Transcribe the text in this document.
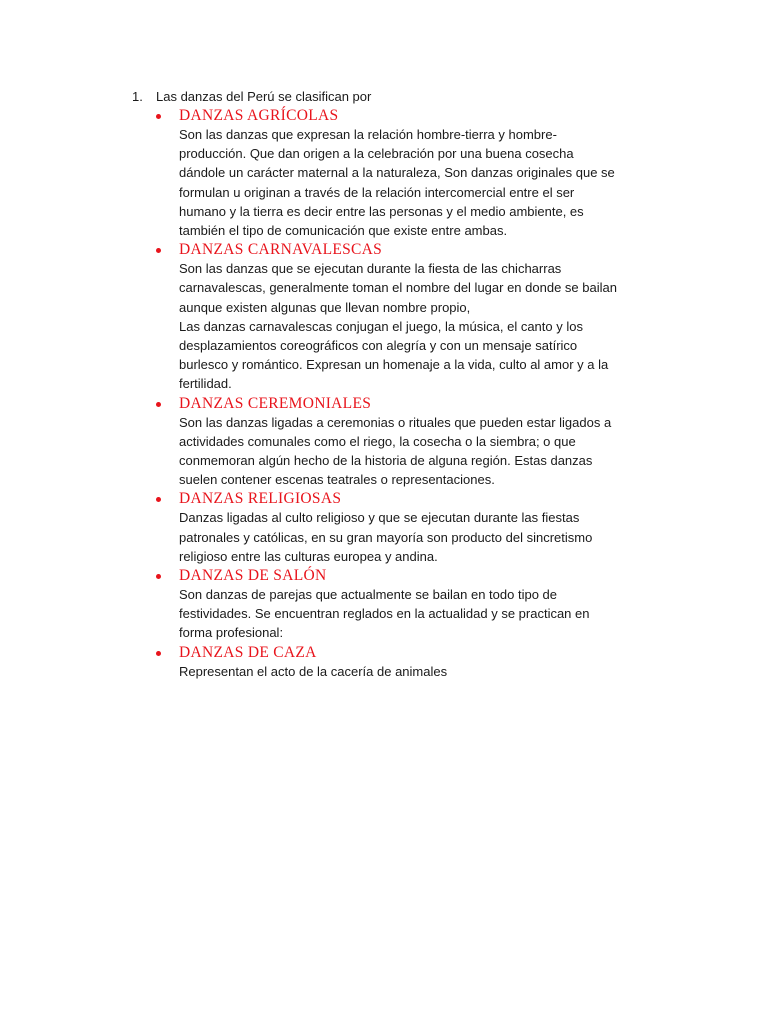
1. Las danzas del Perú se clasifican por
DANZAS AGRÍCOLAS
Son las danzas que expresan la relación hombre-tierra y hombre-
producción. Que dan origen a la celebración por una buena cosecha
dándole un carácter maternal a la naturaleza, Son danzas originales que se
formulan u originan a través de la relación intercomercial entre el ser
humano y la tierra es decir entre las personas y el medio ambiente, es
también el tipo de comunicación que existe entre ambas.
DANZAS CARNAVALESCAS
Son las danzas que se ejecutan durante la fiesta de las chicharras
carnavalescas, generalmente toman el nombre del lugar en donde se bailan
aunque existen algunas que llevan nombre propio,
Las danzas carnavalescas conjugan el juego, la música, el canto y los
desplazamientos coreográficos con alegría y con un mensaje satírico
burlesco y romántico. Expresan un homenaje a la vida, culto al amor y a la
fertilidad.
DANZAS CEREMONIALES
Son las danzas ligadas a ceremonias o rituales que pueden estar ligados a
actividades comunales como el riego, la cosecha o la siembra; o que
conmemoran algún hecho de la historia de alguna región. Estas danzas
suelen contener escenas teatrales o representaciones.
DANZAS RELIGIOSAS
Danzas ligadas al culto religioso y que se ejecutan durante las fiestas
patronales y católicas, en su gran mayoría son producto del sincretismo
religioso entre las culturas europea y andina.
DANZAS DE SALÓN
Son danzas de parejas que actualmente se bailan en todo tipo de
festividades. Se encuentran reglados en la actualidad y se practican en
forma profesional:
DANZAS DE CAZA
Representan el acto de la cacería de animales
